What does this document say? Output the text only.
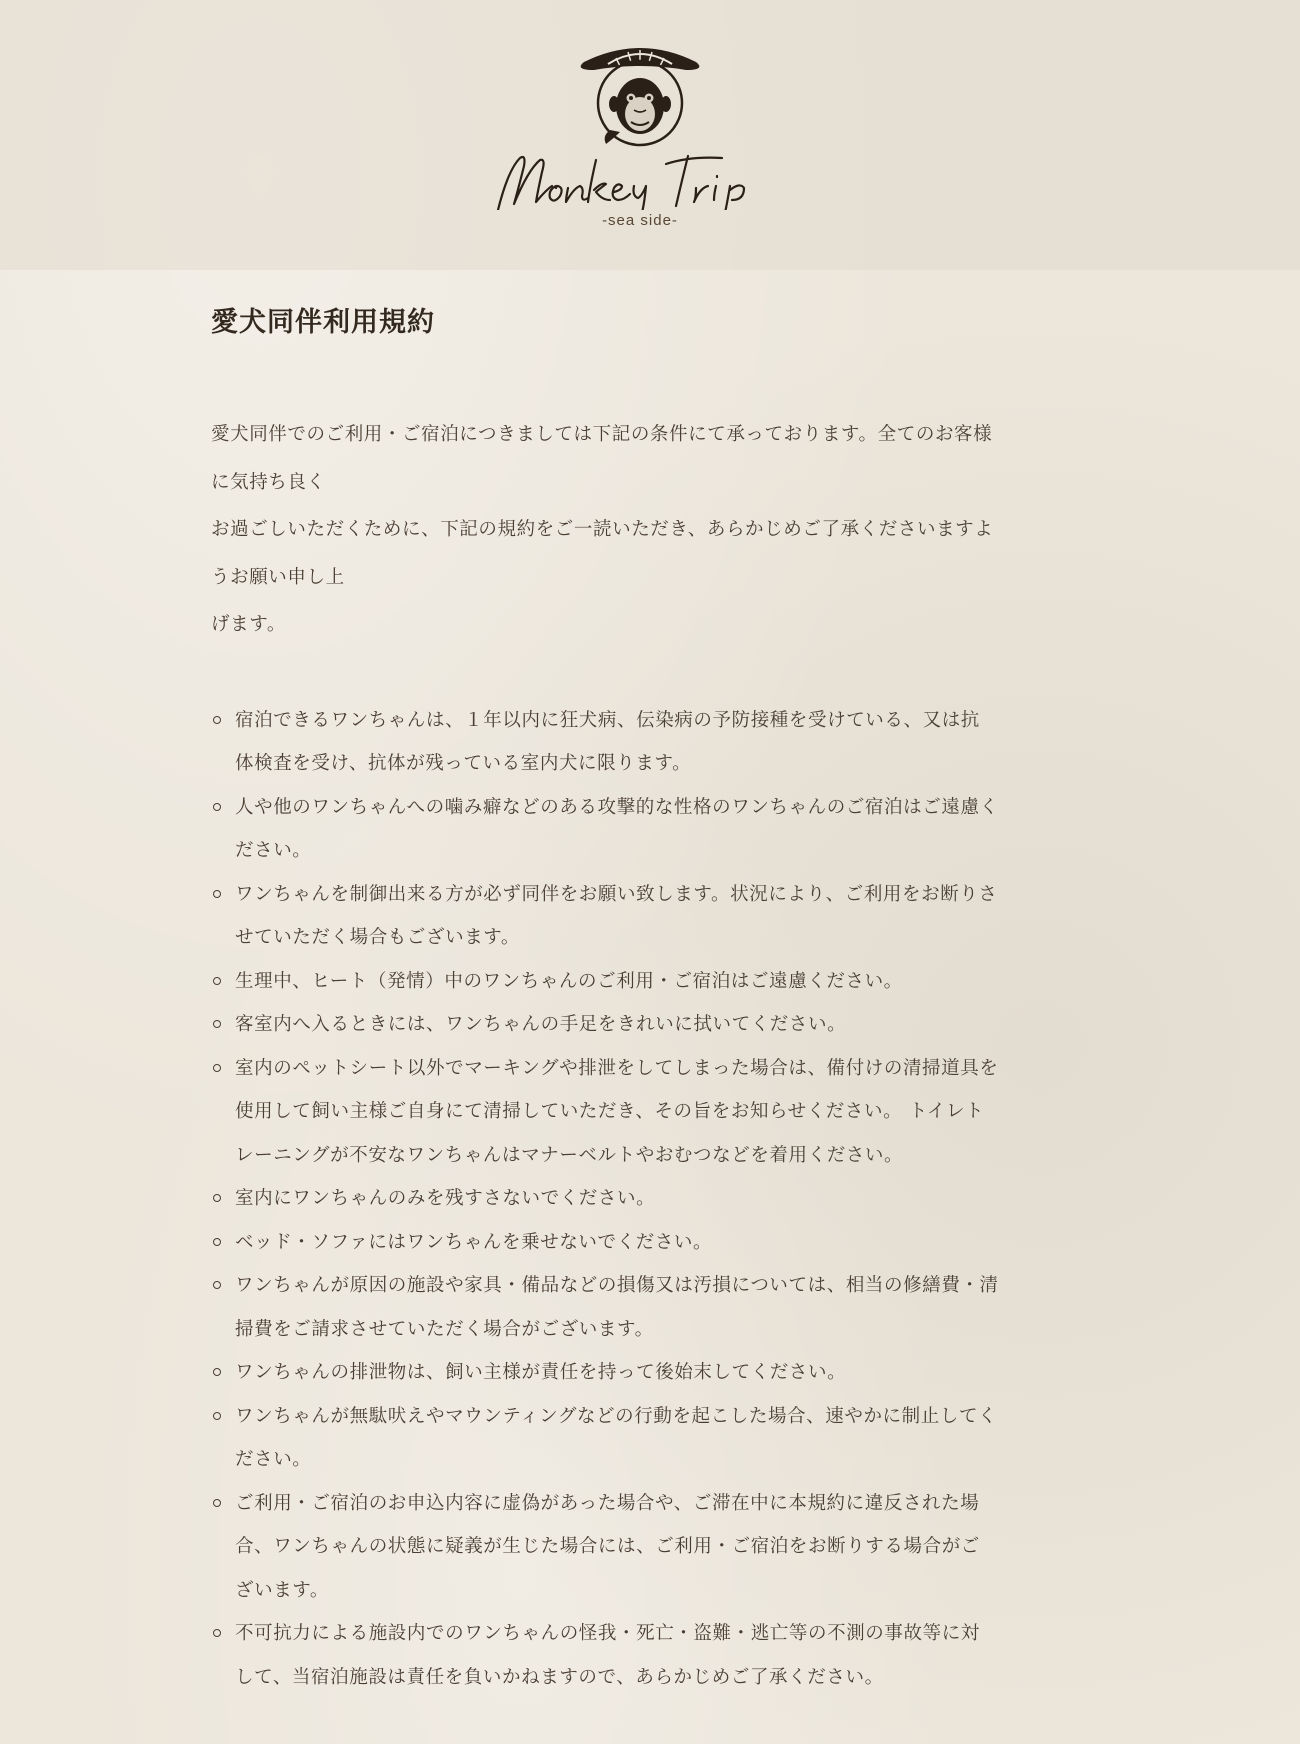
-sea side-
愛犬同伴利用規約
愛犬同伴でのご利用・ご宿泊につきましては下記の条件にて承っております。全てのお客様
に気持ち良く
お過ごしいただくために、下記の規約をご一読いただき、あらかじめご了承くださいますよ
うお願い申し上
げます。
宿泊できるワンちゃんは、１年以内に狂犬病、伝染病の予防接種を受けている、又は抗
体検査を受け、抗体が残っている室内犬に限ります。
人や他のワンちゃんへの噛み癖などのある攻撃的な性格のワンちゃんのご宿泊はご遠慮く
ださい。
ワンちゃんを制御出来る方が必ず同伴をお願い致します。状況により、ご利用をお断りさ
せていただく場合もございます。
生理中、ヒート（発情）中のワンちゃんのご利用・ご宿泊はご遠慮ください。
客室内へ入るときには、ワンちゃんの手足をきれいに拭いてください。
室内のペットシート以外でマーキングや排泄をしてしまった場合は、備付けの清掃道具を
使用して飼い主様ご自身にて清掃していただき、その旨をお知らせください。 トイレト
レーニングが不安なワンちゃんはマナーベルトやおむつなどを着用ください。
室内にワンちゃんのみを残すさないでください。
ベッド・ソファにはワンちゃんを乗せないでください。
ワンちゃんが原因の施設や家具・備品などの損傷又は汚損については、相当の修繕費・清
掃費をご請求させていただく場合がございます。
ワンちゃんの排泄物は、飼い主様が責任を持って後始末してください。
ワンちゃんが無駄吠えやマウンティングなどの行動を起こした場合、速やかに制止してく
ださい。
ご利用・ご宿泊のお申込内容に虚偽があった場合や、ご滞在中に本規約に違反された場
合、ワンちゃんの状態に疑義が生じた場合には、ご利用・ご宿泊をお断りする場合がご
ざいます。
不可抗力による施設内でのワンちゃんの怪我・死亡・盗難・逃亡等の不測の事故等に対
して、当宿泊施設は責任を負いかねますので、あらかじめご了承ください。
